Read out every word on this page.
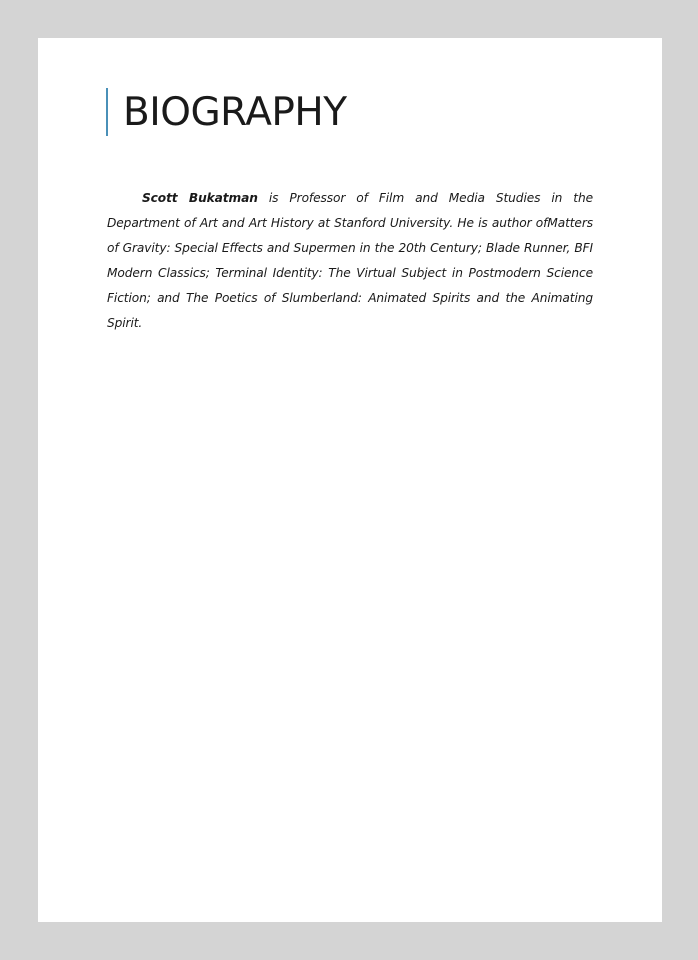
BIOGRAPHY

Scott Bukatman is Professor of Film and Media Studies in the Department of Art and Art History at Stanford University. He is author ofMatters of Gravity: Special Effects and Supermen in the 20th Century; Blade Runner, BFI Modern Classics; Terminal Identity: The Virtual Subject in Postmodern Science Fiction; and The Poetics of Slumberland: Animated Spirits and the Animating Spirit.
